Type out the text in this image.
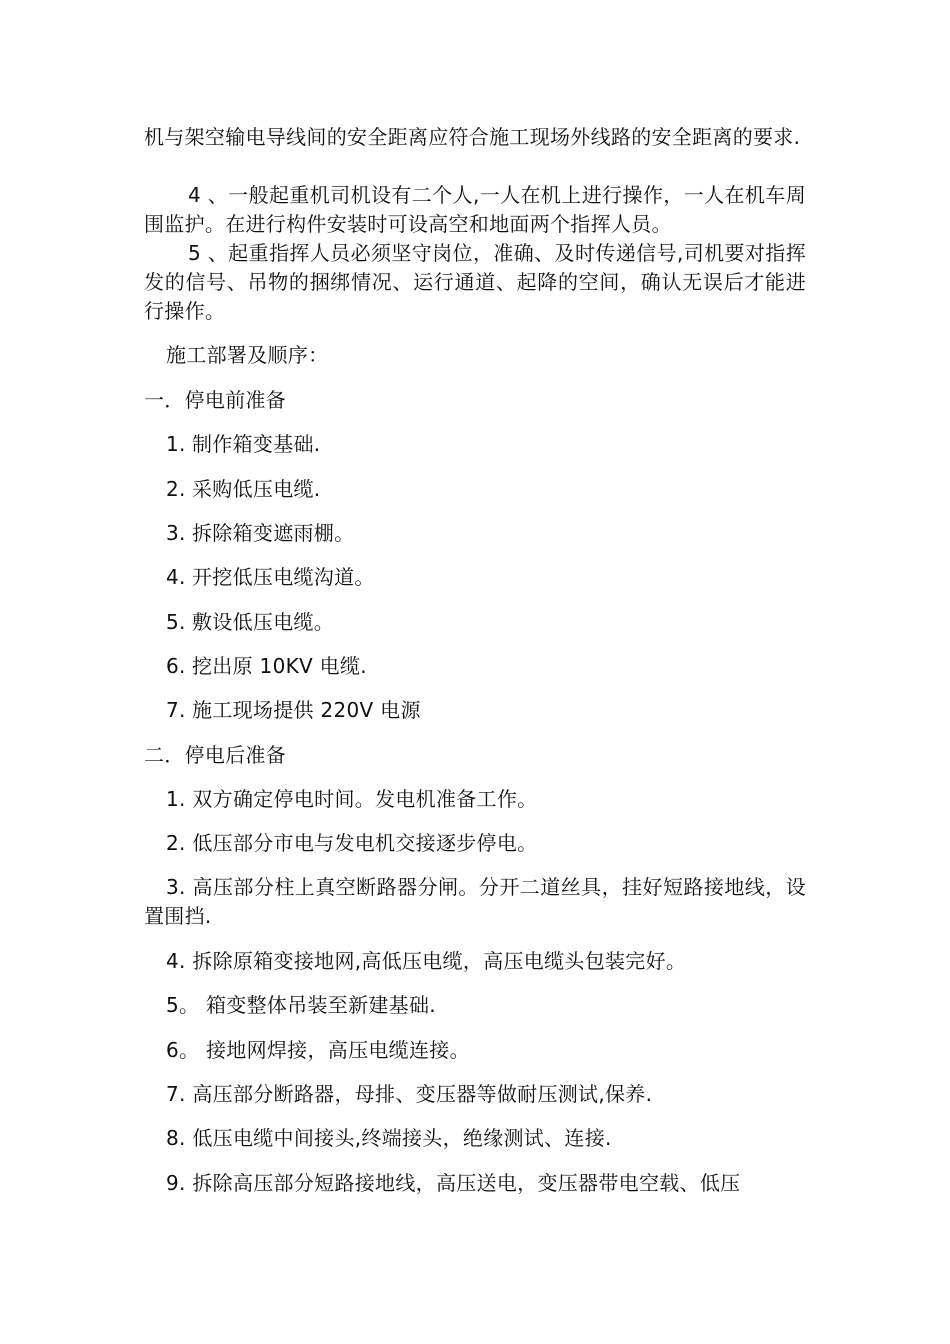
机与架空输电导线间的安全距离应符合施工现场外线路的安全距离的要求.

4 、一般起重机司机设有二个人,一人在机上进行操作，一人在机车周围监护。在进行构件安装时可设高空和地面两个指挥人员。

5 、起重指挥人员必须坚守岗位，准确、及时传递信号,司机要对指挥发的信号、吊物的捆绑情况、运行通道、起降的空间，确认无误后才能进行操作。

施工部署及顺序：

一．停电前准备

1. 制作箱变基础.

2. 采购低压电缆.

3. 拆除箱变遮雨棚。

4. 开挖低压电缆沟道。

5. 敷设低压电缆。

6. 挖出原 10KV 电缆.

7. 施工现场提供 220V 电源

二．停电后准备

1. 双方确定停电时间。发电机准备工作。

2. 低压部分市电与发电机交接逐步停电。

3. 高压部分柱上真空断路器分闸。分开二道丝具，挂好短路接地线，设置围挡.

4. 拆除原箱变接地网,高低压电缆，高压电缆头包装完好。

5。 箱变整体吊装至新建基础.

6。 接地网焊接，高压电缆连接。

7. 高压部分断路器，母排、变压器等做耐压测试,保养.

8. 低压电缆中间接头,终端接头，绝缘测试、连接.

9. 拆除高压部分短路接地线，高压送电，变压器带电空载、低压
